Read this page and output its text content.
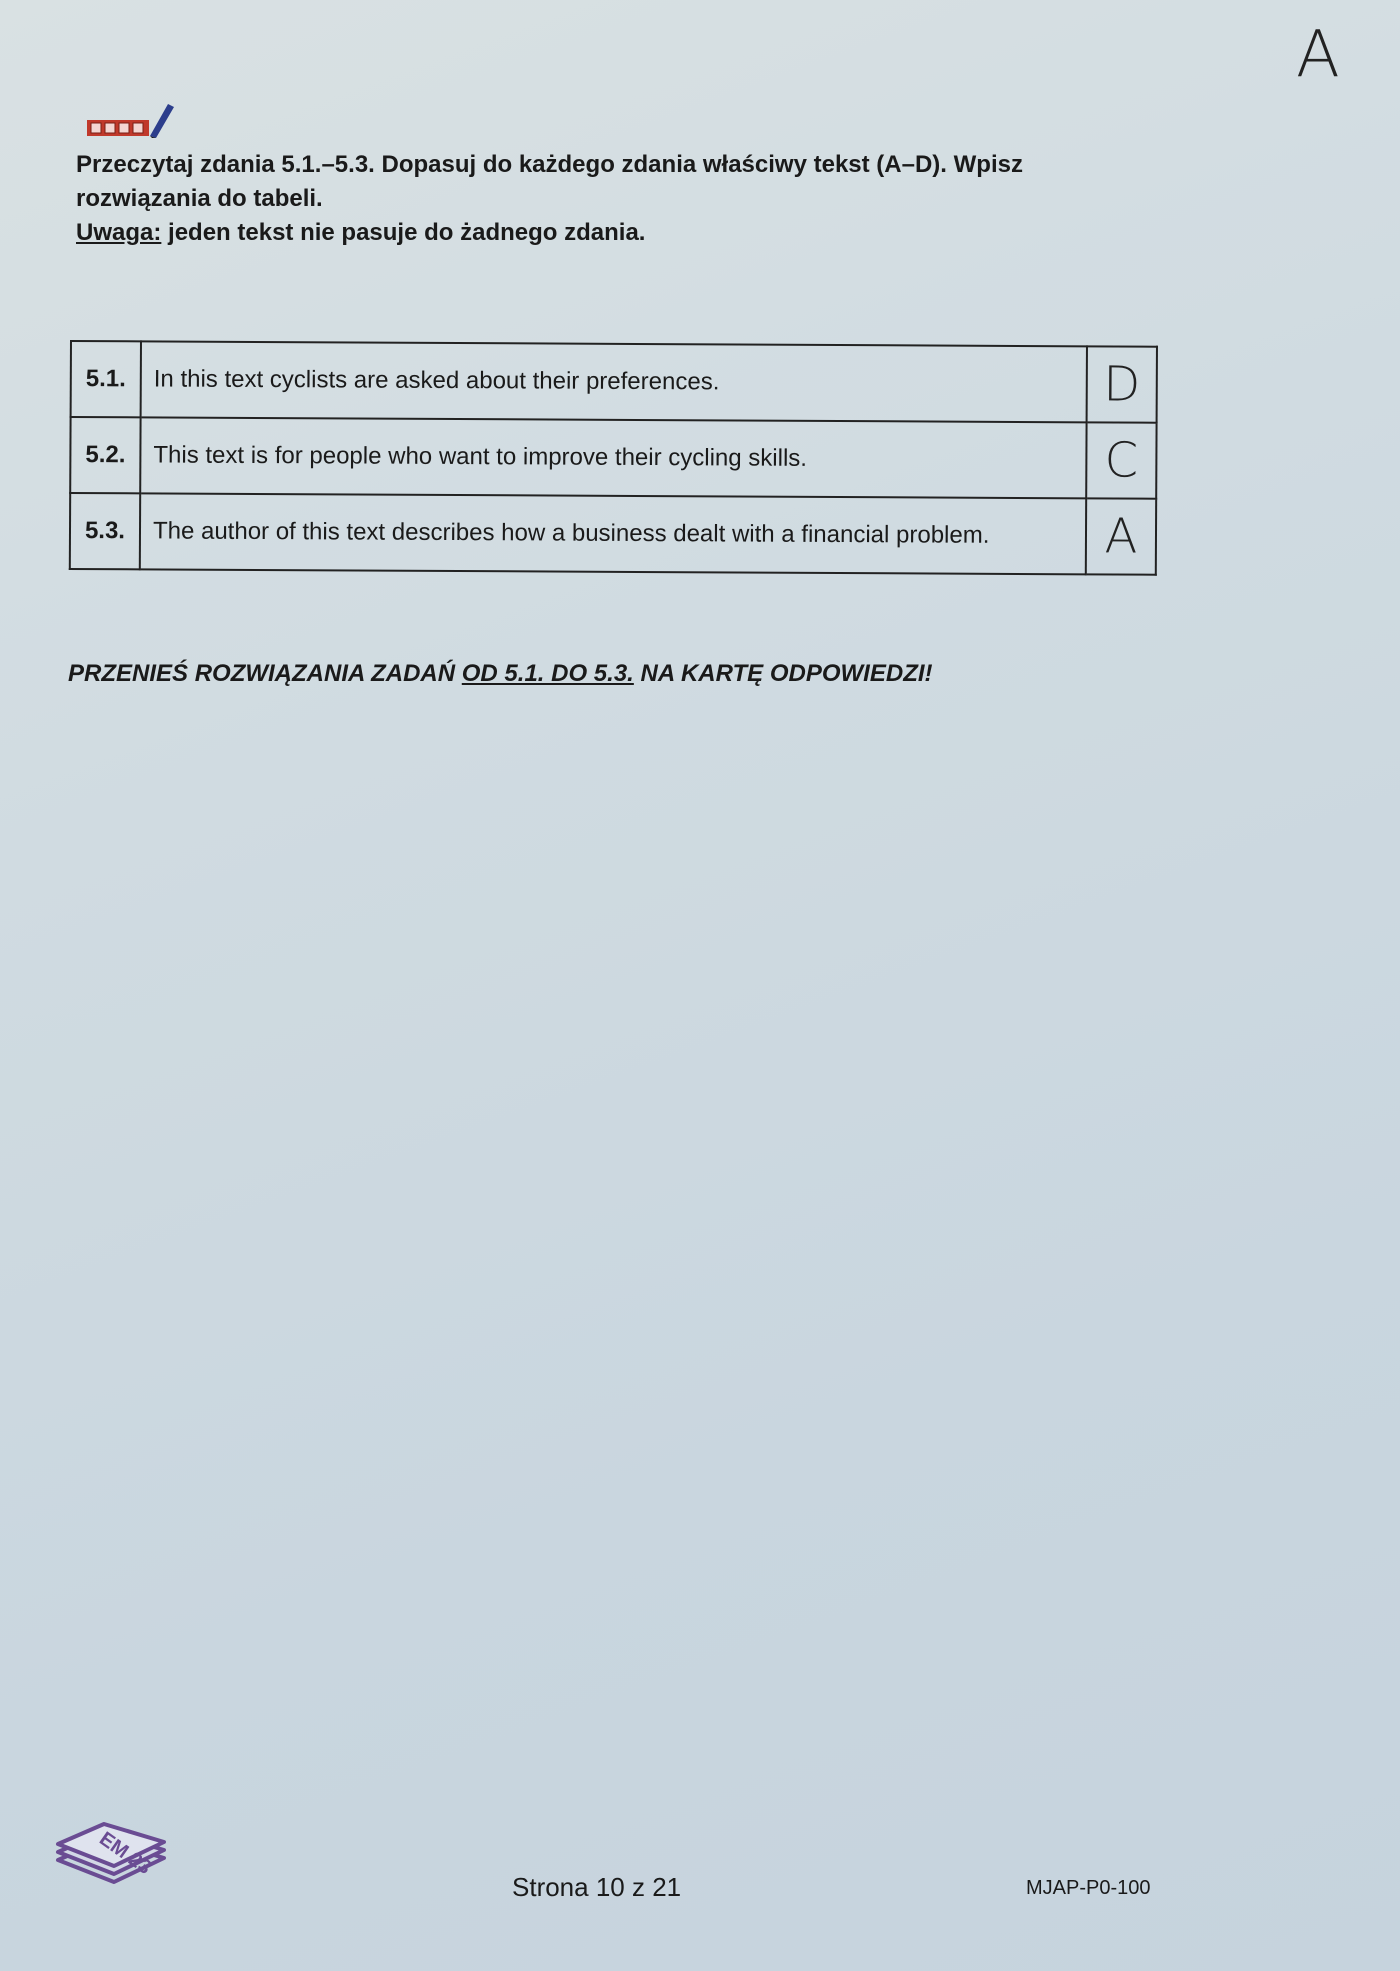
A

Przeczytaj zdania 5.1.–5.3. Dopasuj do każdego zdania właściwy tekst (A–D). Wpisz rozwiązania do tabeli.

Uwaga: jeden tekst nie pasuje do żadnego zdania.

5.1.	In this text cyclists are asked about their preferences.	D
5.2.	This text is for people who want to improve their cycling skills.	C
5.3.	The author of this text describes how a business dealt with a financial problem.	A
PRZENIEŚ ROZWIĄZANIA ZADAŃ OD 5.1. DO 5.3. NA KARTĘ ODPOWIEDZI!
EM 23
Strona 10 z 21	MJAP-P0-100
